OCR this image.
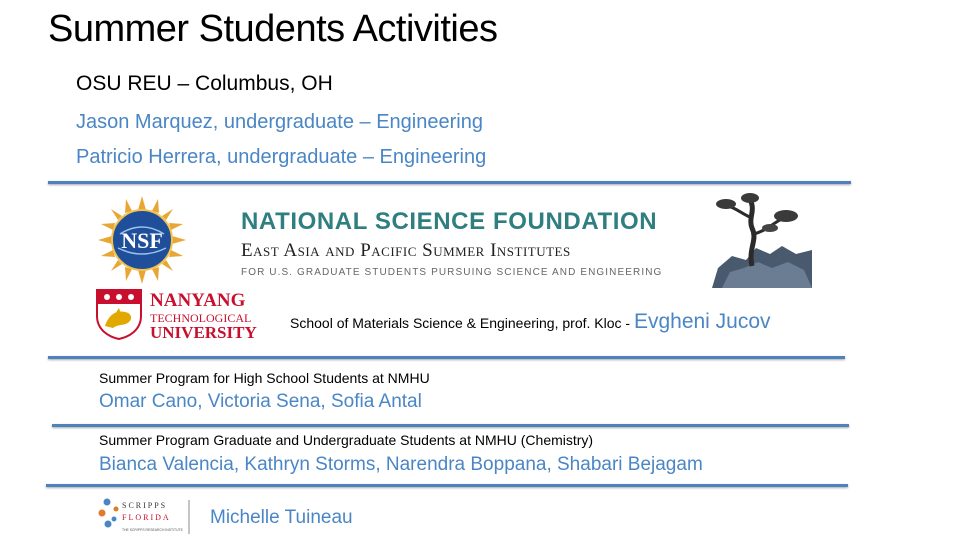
Summer Students Activities
OSU REU – Columbus, OH
Jason Marquez, undergraduate – Engineering
Patricio Herrera, undergraduate – Engineering
NSF
NATIONAL SCIENCE FOUNDATION
East Asia and Pacific Summer Institutes
FOR U.S. GRADUATE STUDENTS PURSUING SCIENCE AND ENGINEERING
NANYANG
TECHNOLOGICAL
UNIVERSITY School of Materials Science & Engineering, prof. Kloc - Evgheni Jucov
Summer Program for High School Students at NMHU
Omar Cano, Victoria Sena, Sofia Antal
Summer Program Graduate and Undergraduate Students at NMHU (Chemistry)
Bianca Valencia, Kathryn Storms, Narendra Boppana, Shabari Bejagam
SCRIPPS
FLORIDA
THE SCRIPPS RESEARCH INSTITUTE
Michelle Tuineau
